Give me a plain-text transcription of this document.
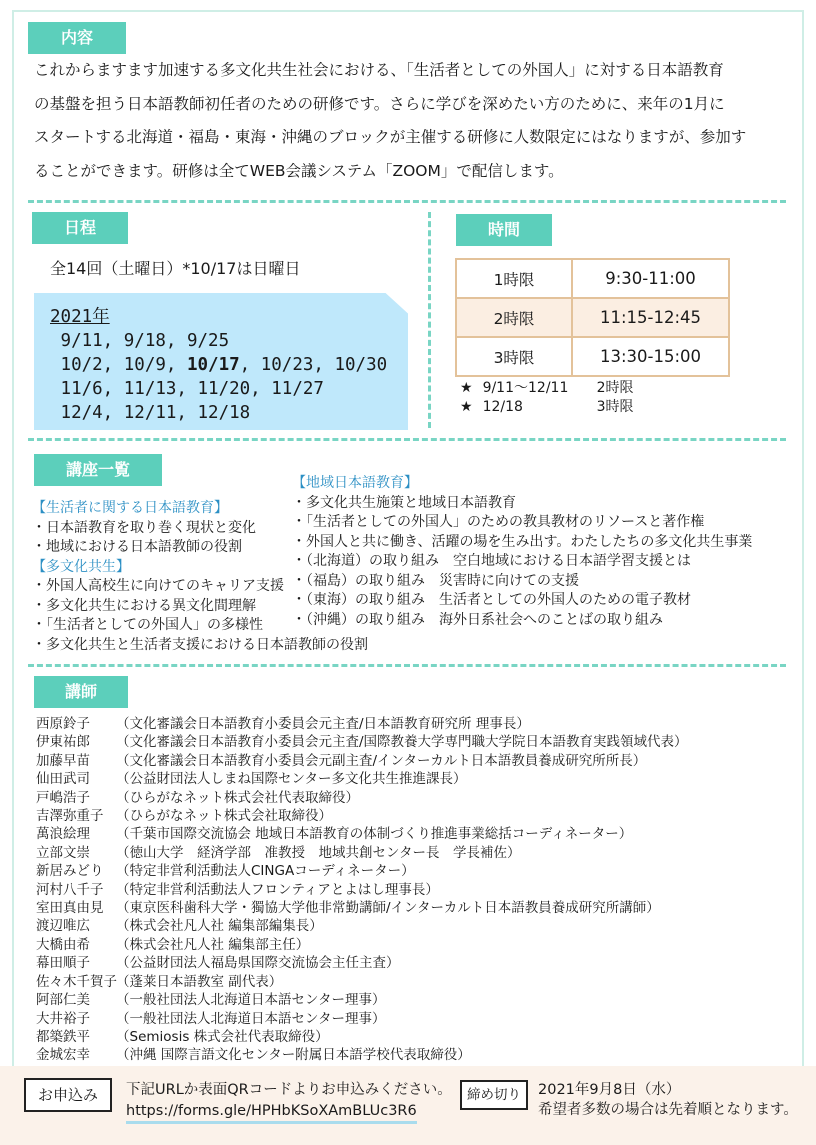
内容

これからますます加速する多文化共生社会における、「生活者としての外国人」に対する日本語教育

の基盤を担う日本語教師初任者のための研修です。さらに学びを深めたい方のために、来年の1月に

スタートする北海道・福島・東海・沖縄のブロックが主催する研修に人数限定にはなりますが、参加す

ることができます。研修は全てWEB会議システム「ZOOM」で配信します。

日程
全14回（土曜日）*10/17は日曜日
2021年
9/11, 9/18, 9/25
10/2, 10/9, 10/17, 10/23, 10/30
11/6, 11/13, 11/20, 11/27
12/4, 12/11, 12/18
時間
1時限	9:30-11:00
2時限	11:15-12:45
3時限	13:30-15:00
★ 9/11～12/11 2時限
★ 12/18	3時限
講座一覧
【生活者に関する日本語教育】
・日本語教育を取り巻く現状と変化
・地域における日本語教師の役割
【多文化共生】
・外国人高校生に向けてのキャリア支援
・多文化共生における異文化間理解
・「生活者としての外国人」の多様性
・多文化共生と生活者支援における日本語教師の役割
【地域日本語教育】
・多文化共生施策と地域日本語教育
・「生活者としての外国人」のための教具教材のリソースと著作権
・外国人と共に働き、活躍の場を生み出す。わたしたちの多文化共生事業
・（北海道）の取り組み　空白地域における日本語学習支援とは
・（福島）の取り組み　災害時に向けての支援
・（東海）の取り組み　生活者としての外国人のための電子教材
・（沖縄）の取り組み　海外日系社会へのことばの取り組み
講師
西原鈴子	（文化審議会日本語教育小委員会元主査/日本語教育研究所 理事長）
伊東祐郎	（文化審議会日本語教育小委員会元主査/国際教養大学専門職大学院日本語教育実践領域代表）
加藤早苗	（文化審議会日本語教育小委員会元副主査/インターカルト日本語教員養成研究所所長）
仙田武司	（公益財団法人しまね国際センター多文化共生推進課長）
戸嶋浩子	（ひらがなネット株式会社代表取締役）
吉澤弥重子 （ひらがなネット株式会社取締役）
萬浪絵理	（千葉市国際交流協会 地域日本語教育の体制づくり推進事業総括コーディネーター）
立部文崇	（徳山大学　経済学部　准教授　地域共創センター長　学長補佐）
新居みどり （特定非営利活動法人CINGAコーディネーター）
河村八千子 （特定非営利活動法人フロンティアとよはし理事長）
室田真由見 （東京医科歯科大学・獨協大学他非常勤講師/インターカルト日本語教員養成研究所講師）
渡辺唯広	（株式会社凡人社 編集部編集長）
大橋由希	（株式会社凡人社 編集部主任）
幕田順子	（公益財団法人福島県国際交流協会主任主査）
佐々木千賀子 （蓬莱日本語教室 副代表）
阿部仁美	（一般社団法人北海道日本語センター理事）
大井裕子	（一般社団法人北海道日本語センター理事）
都築鉄平	（Semiosis 株式会社代表取締役）
金城宏幸	（沖縄 国際言語文化センター附属日本語学校代表取締役）
お申込み	下記URLか表面QRコードよりお申込みください。
https://forms.gle/HPHbKSoXAmBLUc3R6
締め切り	2021年9月8日（水）
希望者多数の場合は先着順となります。
